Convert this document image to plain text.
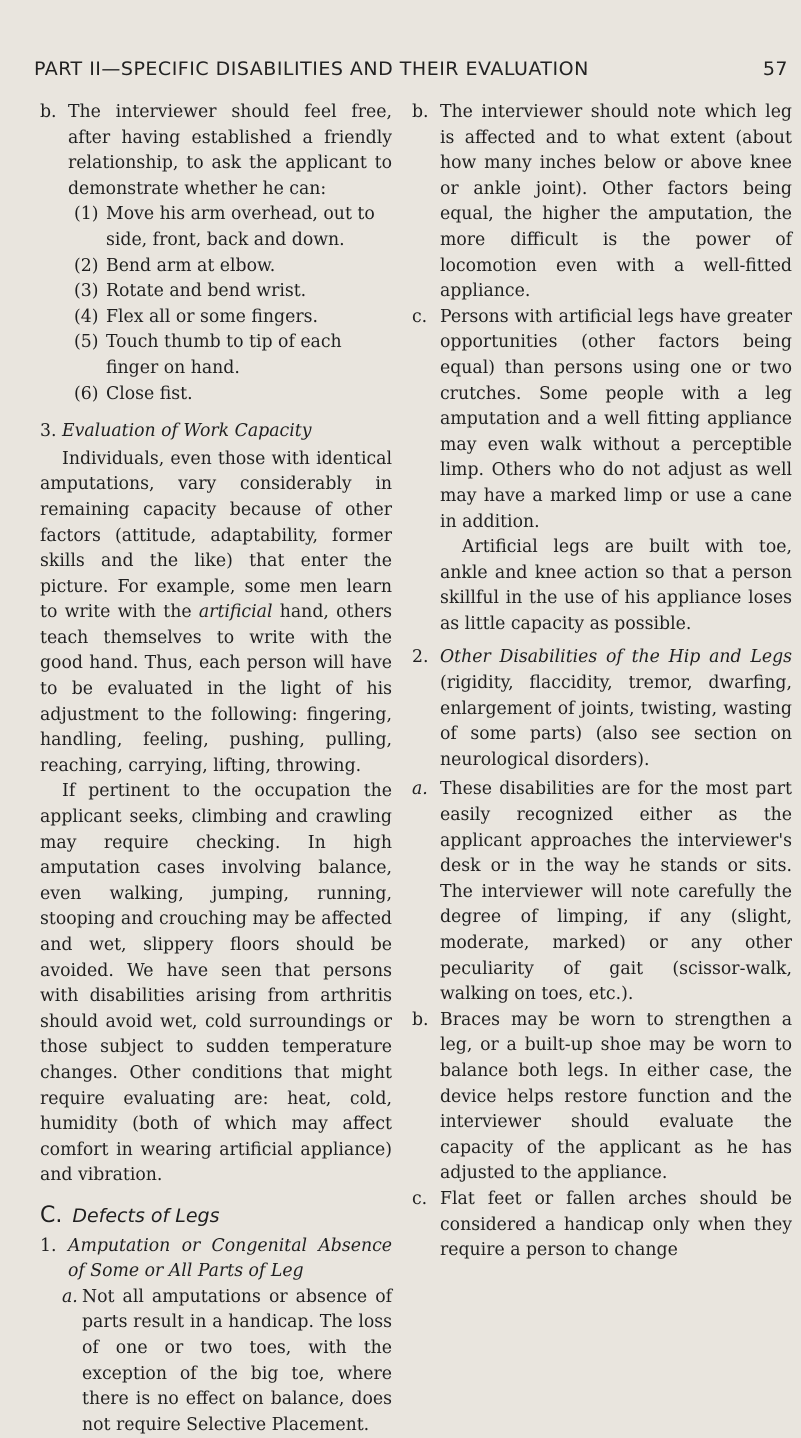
PART II—SPECIFIC DISABILITIES AND THEIR EVALUATION	57

b. The interviewer should feel free, after having established a friendly relationship, to ask the applicant to demonstrate whether he can:

(1) Move his arm overhead, out to side, front, back and down.

(2) Bend arm at elbow.

(3) Rotate and bend wrist.

(4) Flex all or some fingers.

(5) Touch thumb to tip of each finger on hand.

(6) Close fist.

3. Evaluation of Work Capacity

Individuals, even those with identical amputations, vary considerably in remaining capacity because of other factors (attitude, adaptability, former skills and the like) that enter the picture. For example, some men learn to write with the artificial hand, others teach themselves to write with the good hand. Thus, each person will have to be evaluated in the light of his adjustment to the following: fingering, handling, feeling, pushing, pulling, reaching, carrying, lifting, throwing.

If pertinent to the occupation the applicant seeks, climbing and crawling may require checking. In high amputation cases involving balance, even walking, jumping, running, stooping and crouching may be affected and wet, slippery floors should be avoided. We have seen that persons with disabilities arising from arthritis should avoid wet, cold surroundings or those subject to sudden temperature changes. Other conditions that might require evaluating are: heat, cold, humidity (both of which may affect comfort in wearing artificial appliance) and vibration.

C. Defects of Legs

1. Amputation or Congenital Absence of Some or All Parts of Leg

a. Not all amputations or absence of parts result in a handicap. The loss of one or two toes, with the exception of the big toe, where there is no effect on balance, does not require Selective Placement.

b. The interviewer should note which leg is affected and to what extent (about how many inches below or above knee or ankle joint). Other factors being equal, the higher the amputation, the more difficult is the power of locomotion even with a well-fitted appliance.

c. Persons with artificial legs have greater opportunities (other factors being equal) than persons using one or two crutches. Some people with a leg amputation and a well fitting appliance may even walk without a perceptible limp. Others who do not adjust as well may have a marked limp or use a cane in addition.

Artificial legs are built with toe, ankle and knee action so that a person skillful in the use of his appliance loses as little capacity as possible.

2. Other Disabilities of the Hip and Legs (rigidity, flaccidity, tremor, dwarfing, enlargement of joints, twisting, wasting of some parts) (also see section on neurological disorders).

a. These disabilities are for the most part easily recognized either as the applicant approaches the interviewer's desk or in the way he stands or sits. The interviewer will note carefully the degree of limping, if any (slight, moderate, marked) or any other peculiarity of gait (scissor-walk, walking on toes, etc.).

b. Braces may be worn to strengthen a leg, or a built-up shoe may be worn to balance both legs. In either case, the device helps restore function and the interviewer should evaluate the capacity of the applicant as he has adjusted to the appliance.

c. Flat feet or fallen arches should be considered a handicap only when they require a person to change
